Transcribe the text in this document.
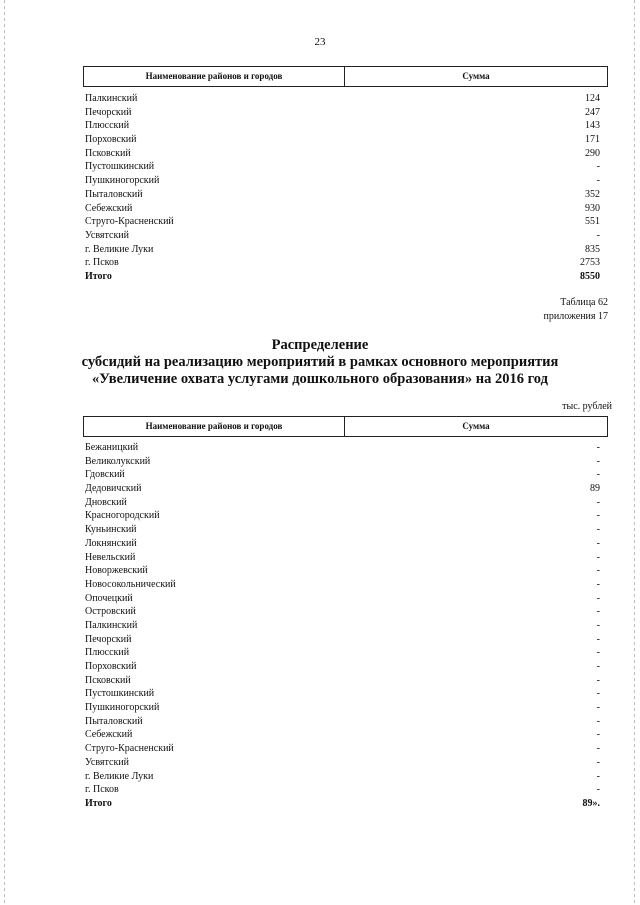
23
Наименование районов и городов	Сумма
Палкинский	124
Печорский	247
Плюсский	143
Порховский	171
Псковский	290
Пустошкинский	-
Пушкиногорский	-
Пыталовский	352
Себежский	930
Струго-Красненский	551
Усвятский	-
г. Великие Луки	835
г. Псков	2753
Итого	8550
Таблица 62
приложения 17
Распределение
субсидий на реализацию мероприятий в рамках основного мероприятия
«Увеличение охвата услугами дошкольного образования» на 2016 год
тыс. рублей
Наименование районов и городов	Сумма
Бежаницкий	-
Великолукский	-
Гдовский	-
Дедовичский	89
Дновский	-
Красногородский	-
Куньинский	-
Локнянский	-
Невельский	-
Новоржевский	-
Новосокольнический	-
Опочецкий	-
Островский	-
Палкинский	-
Печорский	-
Плюсский	-
Порховский	-
Псковский	-
Пустошкинский	-
Пушкиногорский	-
Пыталовский	-
Себежский	-
Струго-Красненский	-
Усвятский	-
г. Великие Луки	-
г. Псков	-
Итого	89».
